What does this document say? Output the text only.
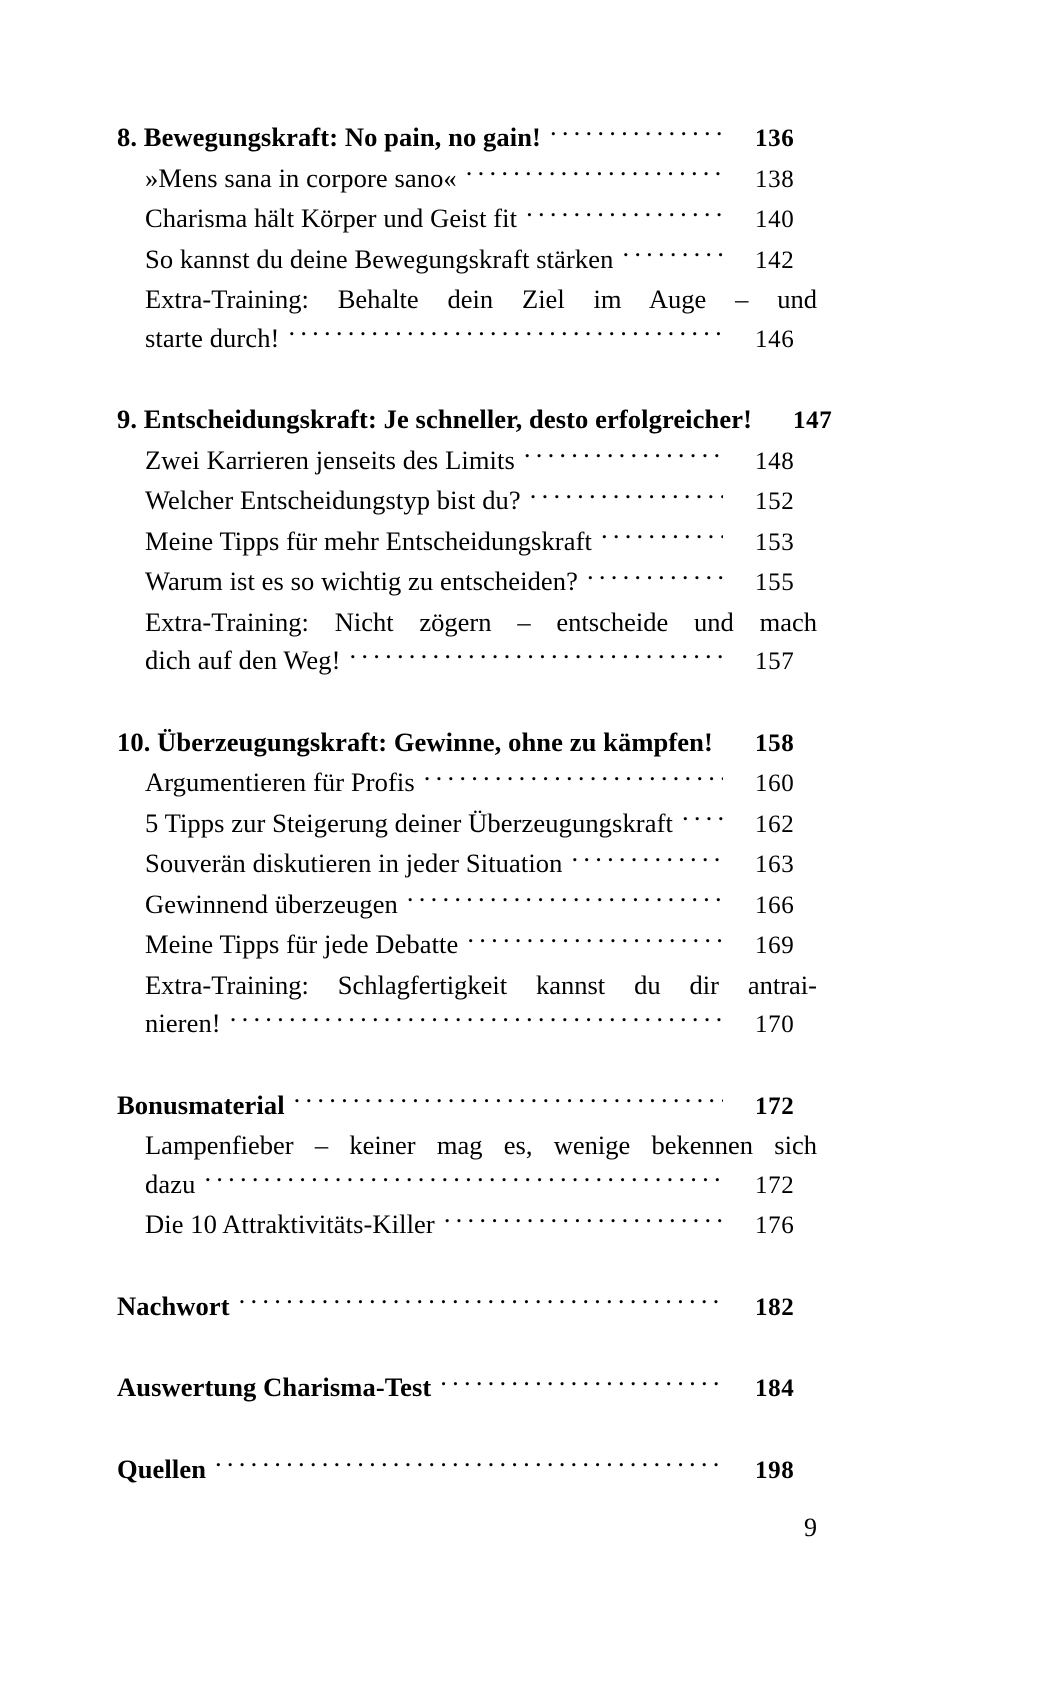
8. Bewegungskraft: No pain, no gain! . . .	136
»Mens sana in corpore sano« . . .	138
Charisma hält Körper und Geist fit . . .	140
So kannst du deine Bewegungskraft stärken . . .	142
Extra-Training: Behalte dein Ziel im Auge – und
starte durch! . . .	146
9. Entscheidungskraft: Je schneller, desto erfolgreicher!	147
Zwei Karrieren jenseits des Limits . . .	148
Welcher Entscheidungstyp bist du? . . .	152
Meine Tipps für mehr Entscheidungskraft . . .	153
Warum ist es so wichtig zu entscheiden? . . .	155
Extra-Training: Nicht zögern – entscheide und mach
dich auf den Weg! . . .	157
10. Überzeugungskraft: Gewinne, ohne zu kämpfen! . . .	158
Argumentieren für Profis . . .	160
5 Tipps zur Steigerung deiner Überzeugungskraft . . .	162
Souverän diskutieren in jeder Situation . . .	163
Gewinnend überzeugen . . .	166
Meine Tipps für jede Debatte . . .	169
Extra-Training: Schlagfertigkeit kannst du dir antrai-
nieren! . . .	170
Bonusmaterial . . .	172
Lampenfieber – keiner mag es, wenige bekennen sich
dazu . . .	172
Die 10 Attraktivitäts-Killer . . .	176
Nachwort . . .	182
Auswertung Charisma-Test . . .	184
Quellen . . .	198
9
